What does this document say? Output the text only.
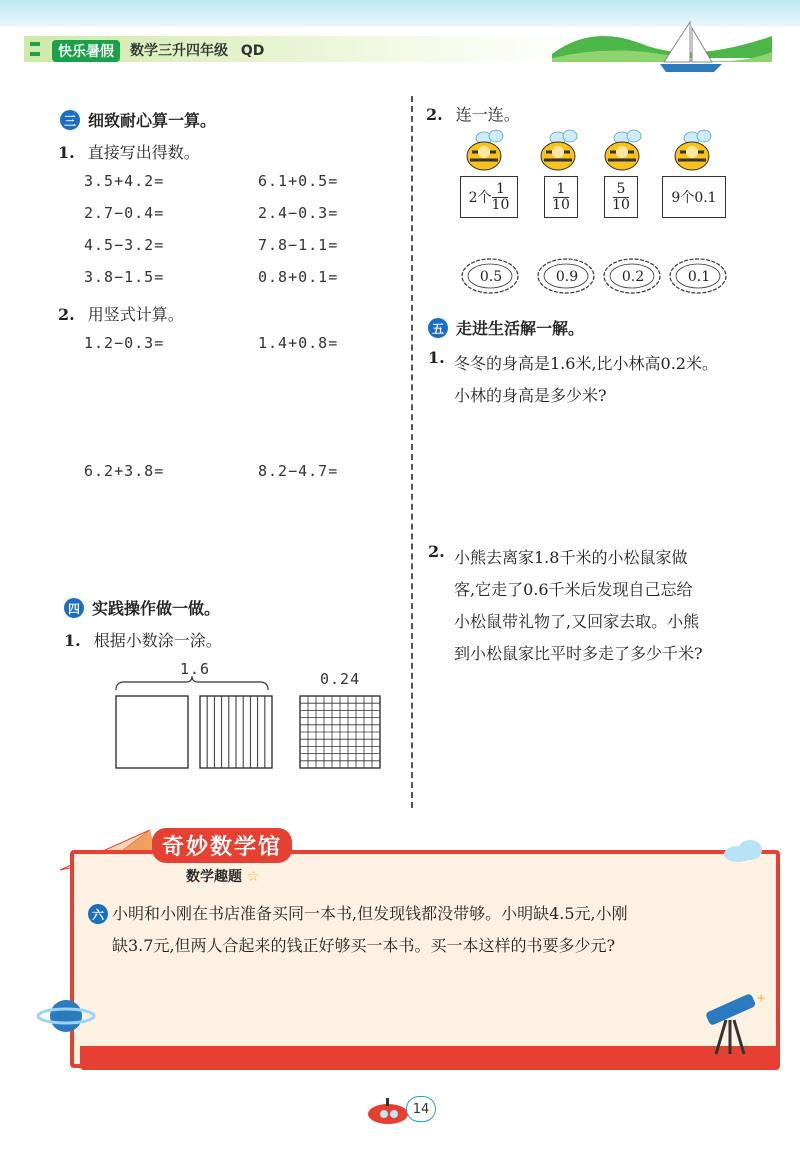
快乐暑假	数学三升四年级 QD
三 细致耐心算一算。
1. 直接写出得数。
3.5+4.2=	6.1+0.5=
2.7−0.4=	2.4−0.3=
4.5−3.2=	7.8−1.1=
3.8−1.5=	0.8+0.1=
2. 用竖式计算。
1.2−0.3=	1.4+0.8=
6.2+3.8=	8.2−4.7=
四 实践操作做一做。
1. 根据小数涂一涂。
1.6
0.24
2. 连一连。
2个 $\frac{1}{10}$	$\frac{1}{10}$	$\frac{5}{10}$	9个0.1
0.5	0.9	0.2	0.1
五 走进生活解一解。
1. 冬冬的身高是1.6米,比小林高0.2米。
小林的身高是多少米?
2. 小熊去离家1.8千米的小松鼠家做
客,它走了0.6千米后发现自己忘给
小松鼠带礼物了,又回家去取。小熊
到小松鼠家比平时多走了多少千米?
奇妙数学馆
数学趣题 ☆
六 小明和小刚在书店准备买同一本书,但发现钱都没带够。小明缺4.5元,小刚
缺3.7元,但两人合起来的钱正好够买一本书。买一本这样的书要多少元?
+
14
